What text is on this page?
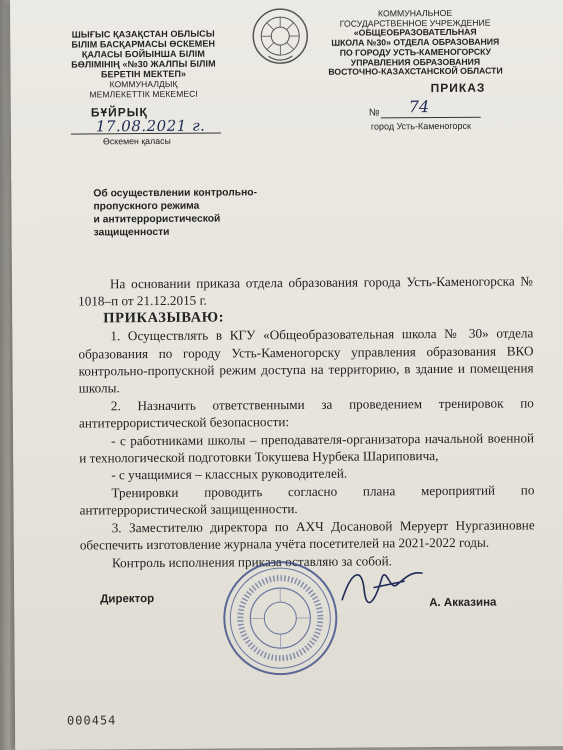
ШЫҒЫС ҚАЗАҚСТАН ОБЛЫСЫ
БІЛІМ БАСҚАРМАСЫ ӨСКЕМЕН
ҚАЛАСЫ БОЙЫНША БІЛІМ
БӨЛІМІНІҢ «№30 ЖАЛПЫ БІЛІМ
БЕРЕТІН МЕКТЕП»
КОММУНАЛДЫҚ
МЕМЛЕКЕТТІК МЕКЕМЕСІ
КОММУНАЛЬНОЕ
ГОСУДАРСТВЕННОЕ УЧРЕЖДЕНИЕ
«ОБЩЕОБРАЗОВАТЕЛЬНАЯ
ШКОЛА №30» ОТДЕЛА ОБРАЗОВАНИЯ
ПО ГОРОДУ УСТЬ-КАМЕНОГОРСКУ
УПРАВЛЕНИЯ ОБРАЗОВАНИЯ
ВОСТОЧНО-КАЗАХСТАНСКОЙ ОБЛАСТИ
БҰЙРЫҚ
ПРИКАЗ
17.08.2021 г.
Өскемен қаласы
№ 74
город Усть-Каменогорск
Об осуществлении контрольно-
пропускного режима
и антитеррористической
защищенности

На основании приказа отдела образования города Усть-Каменогорска № 1018–п от 21.12.2015 г.

ПРИКАЗЫВАЮ:

1. Осуществлять в КГУ «Общеобразовательная школа № 30» отдела образования по городу Усть-Каменогорску управления образования ВКО контрольно-пропускной режим доступа на территорию, в здание и помещения школы.

2. Назначить ответственными за проведением тренировок по антитеррористической безопасности:

- с работниками школы – преподавателя-организатора начальной военной и технологической подготовки Токушева Нурбека Шариповича,

- с учащимися – классных руководителей.

Тренировки проводить согласно плана мероприятий по антитеррористической защищенности.

3. Заместителю директора по АХЧ Досановой Меруерт Нургазиновне обеспечить изготовление журнала учёта посетителей на 2021-2022 годы.

Контроль исполнения приказа оставляю за собой.

Директор	А. Акказина
000454
